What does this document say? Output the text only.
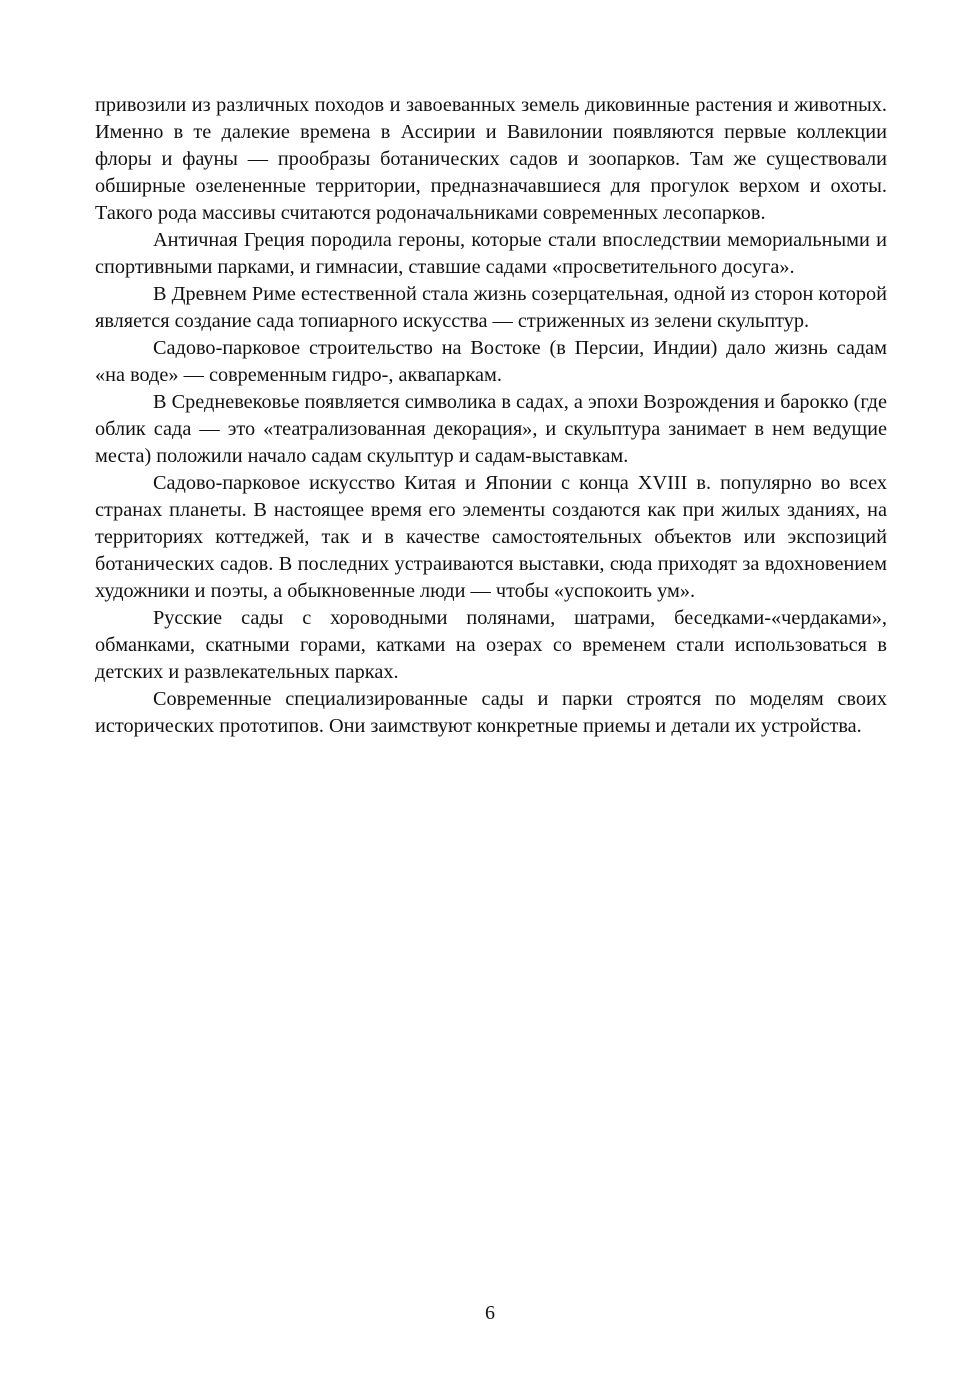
привозили из различных походов и завоеванных земель диковинные растения и животных. Именно в те далекие времена в Ассирии и Вавилонии появляются первые коллекции флоры и фауны — прообразы ботанических садов и зоопарков. Там же существовали обширные озелененные территории, предназначавшиеся для прогулок верхом и охоты. Такого рода массивы считаются родоначальниками современных лесопарков.

Античная Греция породила героны, которые стали впоследствии мемориальными и спортивными парками, и гимнасии, ставшие садами «просветительного досуга».

В Древнем Риме естественной стала жизнь созерцательная, одной из сторон которой является создание сада топиарного искусства — стриженных из зелени скульптур.

Садово-парковое строительство на Востоке (в Персии, Индии) дало жизнь садам «на воде» — современным гидро-, аквапаркам.

В Средневековье появляется символика в садах, а эпохи Возрождения и барокко (где облик сада — это «театрализованная декорация», и скульптура занимает в нем ведущие места) положили начало садам скульптур и садам-выставкам.

Садово-парковое искусство Китая и Японии с конца XVIII в. популярно во всех странах планеты. В настоящее время его элементы создаются как при жилых зданиях, на территориях коттеджей, так и в качестве самостоятельных объектов или экспозиций ботанических садов. В последних устраиваются выставки, сюда приходят за вдохновением художники и поэты, а обыкновенные люди — чтобы «успокоить ум».

Русские сады с хороводными полянами, шатрами, беседками-«чердаками», обманками, скатными горами, катками на озерах со временем стали использоваться в детских и развлекательных парках.

Современные специализированные сады и парки строятся по моделям своих исторических прототипов. Они заимствуют конкретные приемы и детали их устройства.

6
